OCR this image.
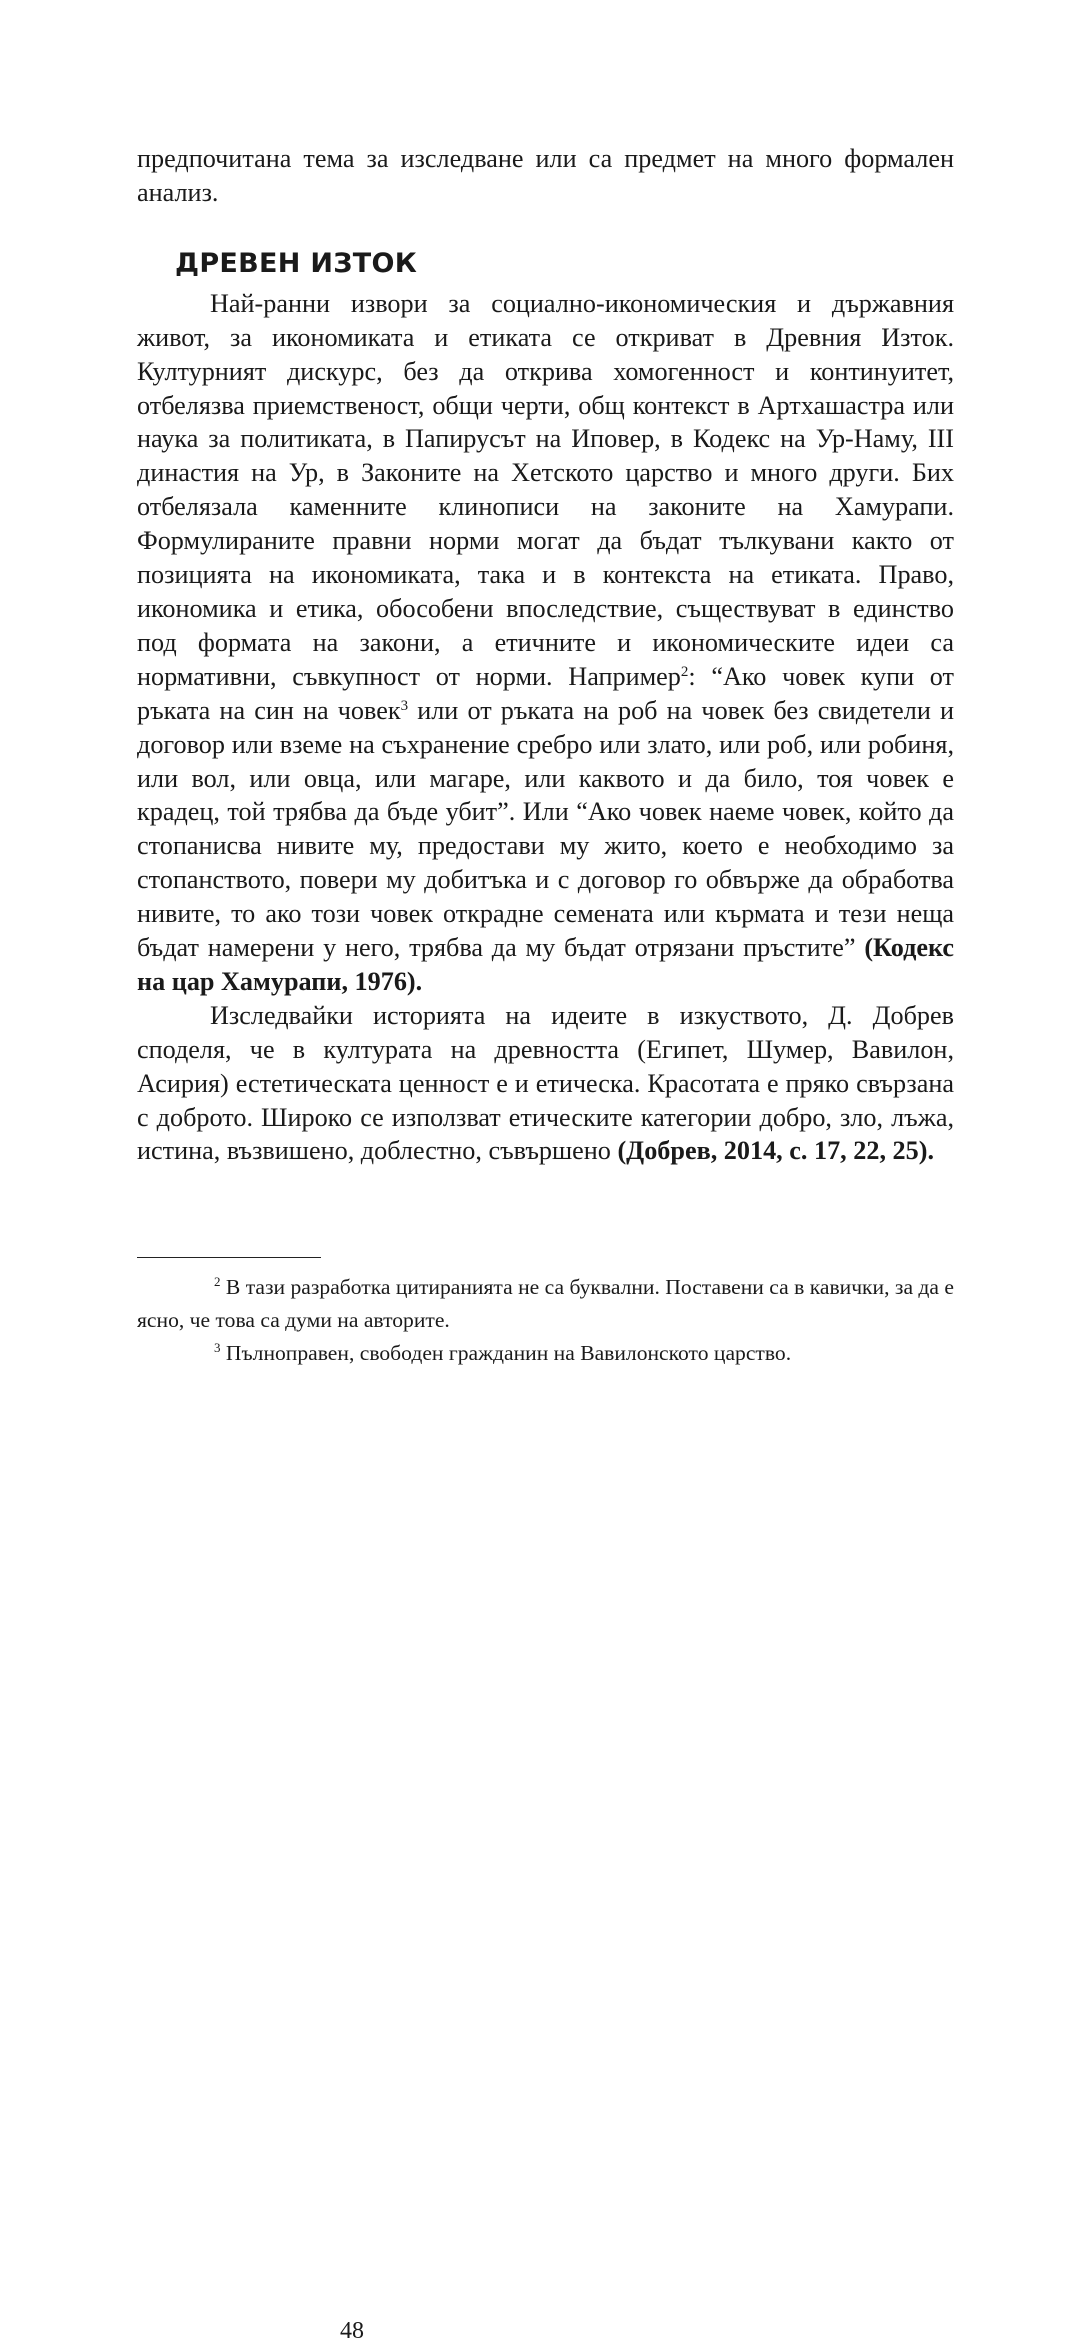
предпочитана тема за изследване или са предмет на много формален анализ.

ДРЕВЕН ИЗТОК

Най-ранни извори за социално-икономическия и държавния живот, за икономиката и етиката се откриват в Древния Изток. Културният дискурс, без да открива хомогенност и континуитет, отбелязва приемственост, общи черти, общ контекст в Артхашастра или наука за политиката, в Папирусът на Иповер, в Кодекс на Ур-Наму, III династия на Ур, в Законите на Хетското царство и много други. Бих отбелязала каменните клинописи на законите на Хамурапи. Формулираните правни норми могат да бъдат тълкувани както от позицията на икономиката, така и в контекста на етиката. Право, икономика и етика, обособени впоследствие, съществуват в единство под формата на закони, а етичните и икономическите идеи са нормативни, съвкупност от норми. Например$^2$: “Ако човек купи от ръката на син на човек$^3$ или от ръката на роб на човек без свидетели и договор или вземе на съхранение сребро или злато, или роб, или робиня, или вол, или овца, или магаре, или каквото и да било, тоя човек е крадец, той трябва да бъде убит”. Или “Ако човек наеме човек, който да стопанисва нивите му, предостави му жито, което е необходимо за стопанството, повери му добитъка и с договор го обвърже да обработва нивите, то ако този човек открадне семената или кърмата и тези неща бъдат намерени у него, трябва да му бъдат отрязани пръстите” (Кодекс на цар Хамурапи, 1976).

Изследвайки историята на идеите в изкуството, Д. Добрев споделя, че в културата на древността (Египет, Шумер, Вавилон, Асирия) естетическата ценност е и етическа. Красотата е пряко свързана с доброто. Широко се използват етическите категории добро, зло, лъжа, истина, възвишено, доблестно, съвършено (Добрев, 2014, с. 17, 22, 25).

$^2$ В тази разработка цитиранията не са буквални. Поставени са в кавички, за да е ясно, че това са думи на авторите.

$^3$ Пълноправен, свободен гражданин на Вавилонското царство.

48
